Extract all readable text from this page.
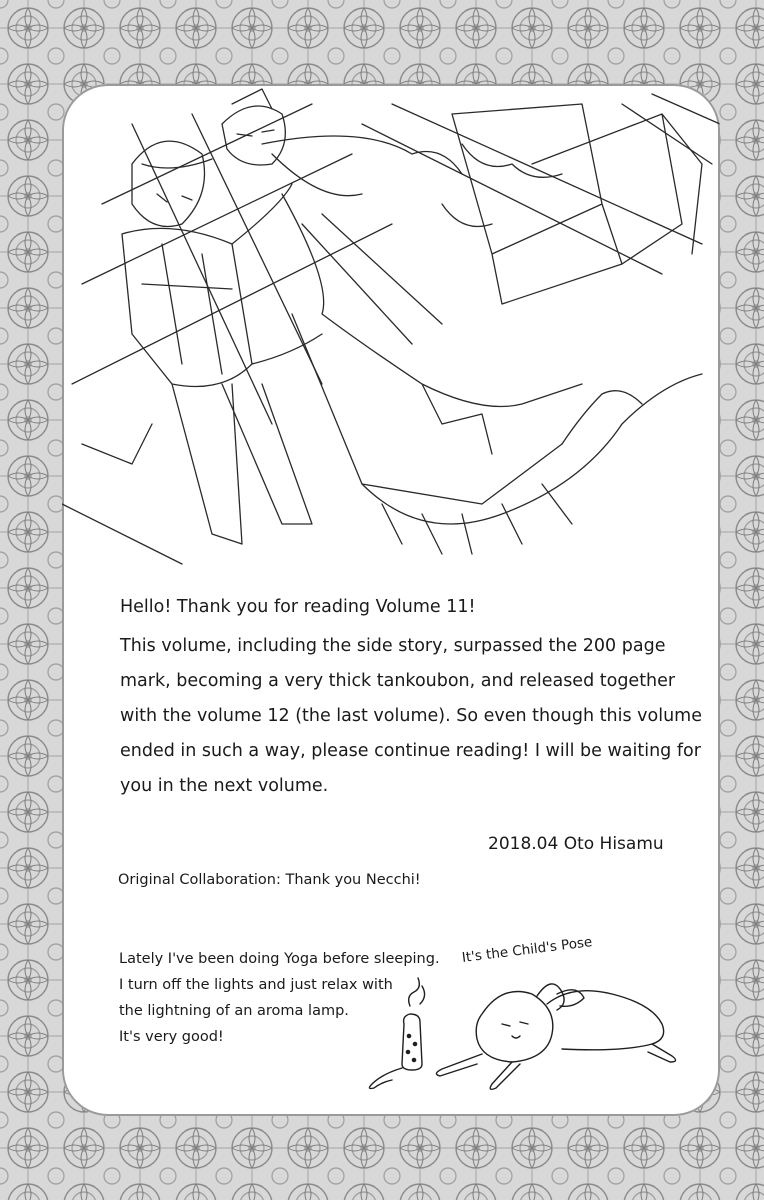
Hello! Thank you for reading Volume 11!

This volume, including the side story, surpassed the 200 page mark, becoming a very thick tankoubon, and released together with the volume 12 (the last volume). So even though this volume ended in such a way, please continue reading! I will be waiting for you in the next volume.

2018.04 Oto Hisamu

Original Collaboration: Thank you Necchi!

Lately I've been doing Yoga before sleeping.
I turn off the lights and just relax with
the lightning of an aroma lamp.
It's very good!

It's the Child's Pose
